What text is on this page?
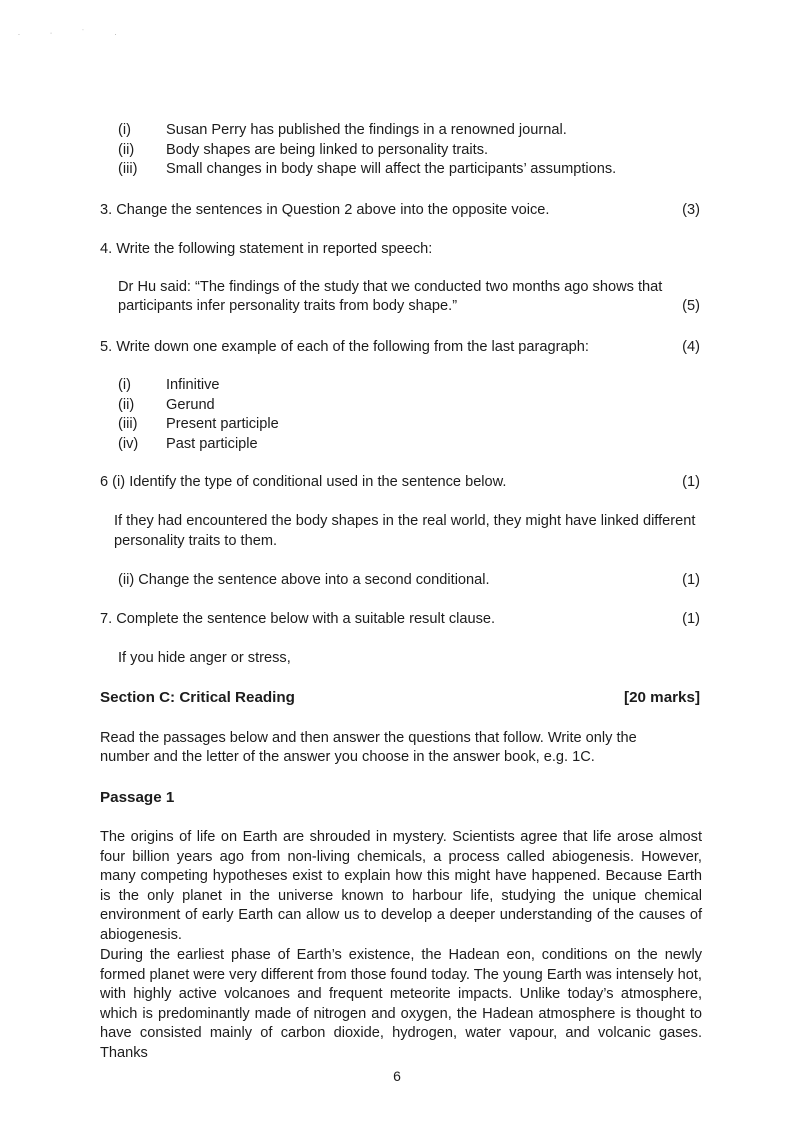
. · ˙ .
(i)	Susan Perry has published the findings in a renowned journal.
(ii)	Body shapes are being linked to personality traits.
(iii)	Small changes in body shape will affect the participants’ assumptions.
3. Change the sentences in Question 2 above into the opposite voice.	(3)
4. Write the following statement in reported speech:
Dr Hu said: “The findings of the study that we conducted two months ago shows that
participants infer personality traits from body shape.”	(5)
5. Write down one example of each of the following from the last paragraph:	(4)
(i)	Infinitive
(ii)	Gerund
(iii)	Present participle
(iv)	Past participle
6 (i) Identify the type of conditional used in the sentence below.	(1)
If they had encountered the body shapes in the real world, they might have linked different
personality traits to them.
(ii) Change the sentence above into a second conditional.	(1)
7. Complete the sentence below with a suitable result clause.	(1)
If you hide anger or stress,
Section C: Critical Reading	[20 marks]
Read the passages below and then answer the questions that follow. Write only the
number and the letter of the answer you choose in the answer book, e.g. 1C.
Passage 1

The origins of life on Earth are shrouded in mystery. Scientists agree that life arose almost four billion years ago from non-living chemicals, a process called abiogenesis. However, many competing hypotheses exist to explain how this might have happened. Because Earth is the only planet in the universe known to harbour life, studying the unique chemical environment of early Earth can allow us to develop a deeper understanding of the causes of abiogenesis.

During the earliest phase of Earth’s existence, the Hadean eon, conditions on the newly formed planet were very different from those found today. The young Earth was intensely hot, with highly active volcanoes and frequent meteorite impacts. Unlike today’s atmosphere, which is predominantly made of nitrogen and oxygen, the Hadean atmosphere is thought to have consisted mainly of carbon dioxide, hydrogen, water vapour, and volcanic gases. Thanks

6
